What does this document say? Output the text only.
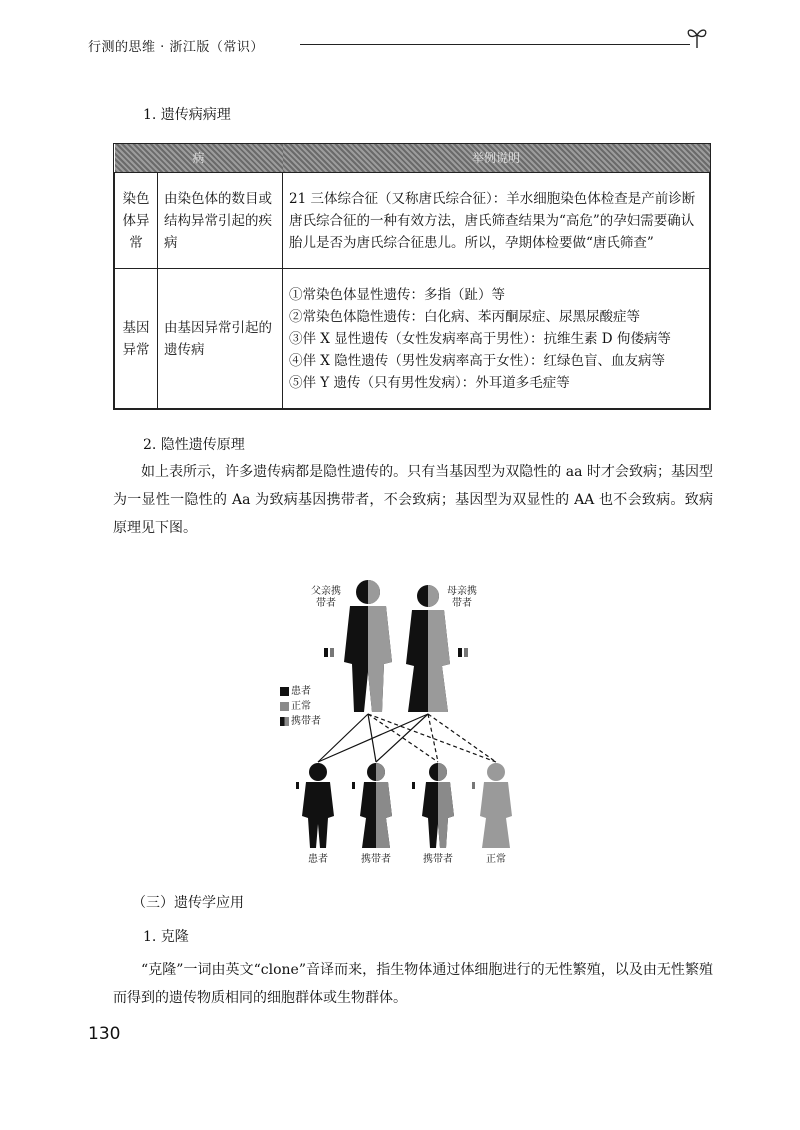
行测的思维 · 浙江版（常识）
1. 遗传病病理
病		举例说明
染色体异常	由染色体的数目或结构异常引起的疾病	21 三体综合征（又称唐氏综合征）：羊水细胞染色体检查是产前诊断唐氏综合征的一种有效方法，唐氏筛查结果为“高危”的孕妇需要确认胎儿是否为唐氏综合征患儿。所以，孕期体检要做“唐氏筛查”
基因异常	由基因异常引起的遗传病	①常染色体显性遗传：多指（趾）等
②常染色体隐性遗传：白化病、苯丙酮尿症、尿黑尿酸症等
③伴 X 显性遗传（女性发病率高于男性）：抗维生素 D 佝偻病等
④伴 X 隐性遗传（男性发病率高于女性）：红绿色盲、血友病等
⑤伴 Y 遗传（只有男性发病）：外耳道多毛症等
2. 隐性遗传原理
如上表所示，许多遗传病都是隐性遗传的。只有当基因型为双隐性的 aa 时才会致病；基因型为一显性一隐性的 Aa 为致病基因携带者，不会致病；基因型为双显性的 AA 也不会致病。致病原理见下图。
父亲携带者
母亲携带者
患者
正常
携带者
患者	携带者	携带者	正常
（三）遗传学应用
1. 克隆
“克隆”一词由英文“clone”音译而来，指生物体通过体细胞进行的无性繁殖，以及由无性繁殖而得到的遗传物质相同的细胞群体或生物群体。
130
